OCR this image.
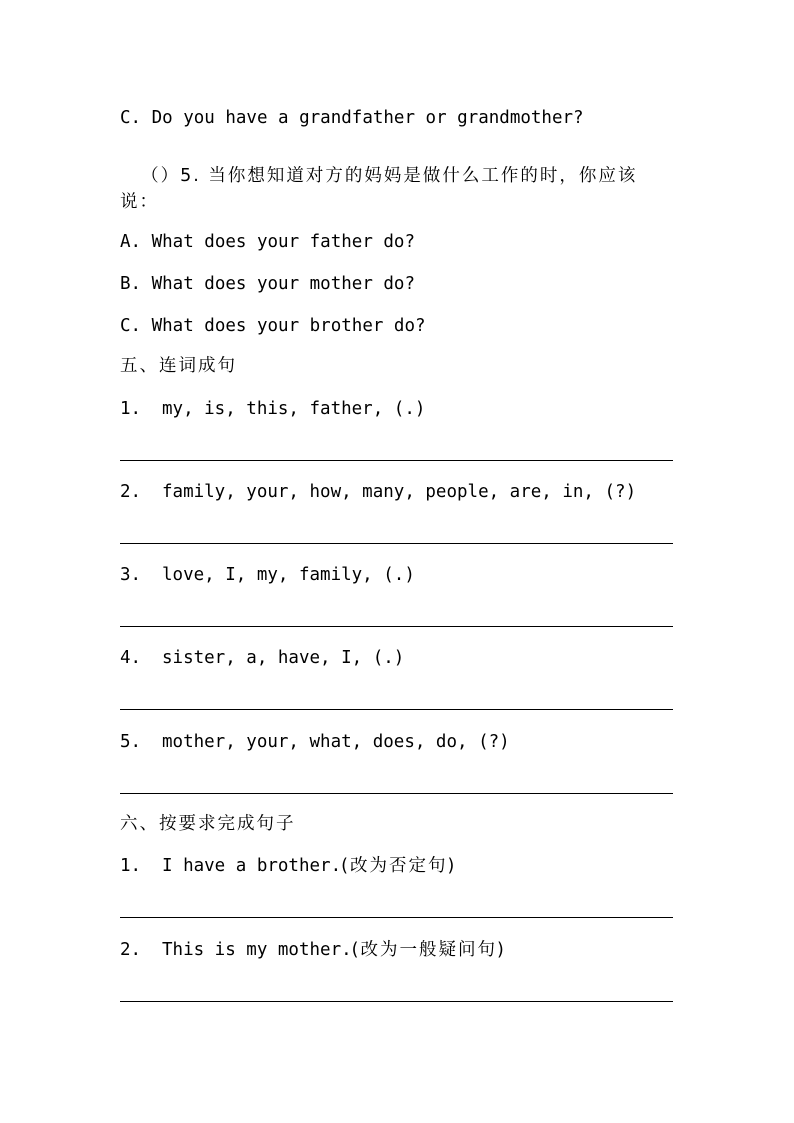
C. Do you have a grandfather or grandmother?

（）5. 当你想知道对方的妈妈是做什么工作的时，你应该

说：
A. What does your father do?
B. What does your mother do?
C. What does your brother do?
五、连词成句
1. my, is, this, father, (.)
2. family, your, how, many, people, are, in, (?)
3. love, I, my, family, (.)
4. sister, a, have, I, (.)
5. mother, your, what, does, do, (?)
六、按要求完成句子
1. I have a brother.(改为否定句)
2. This is my mother.(改为一般疑问句)
